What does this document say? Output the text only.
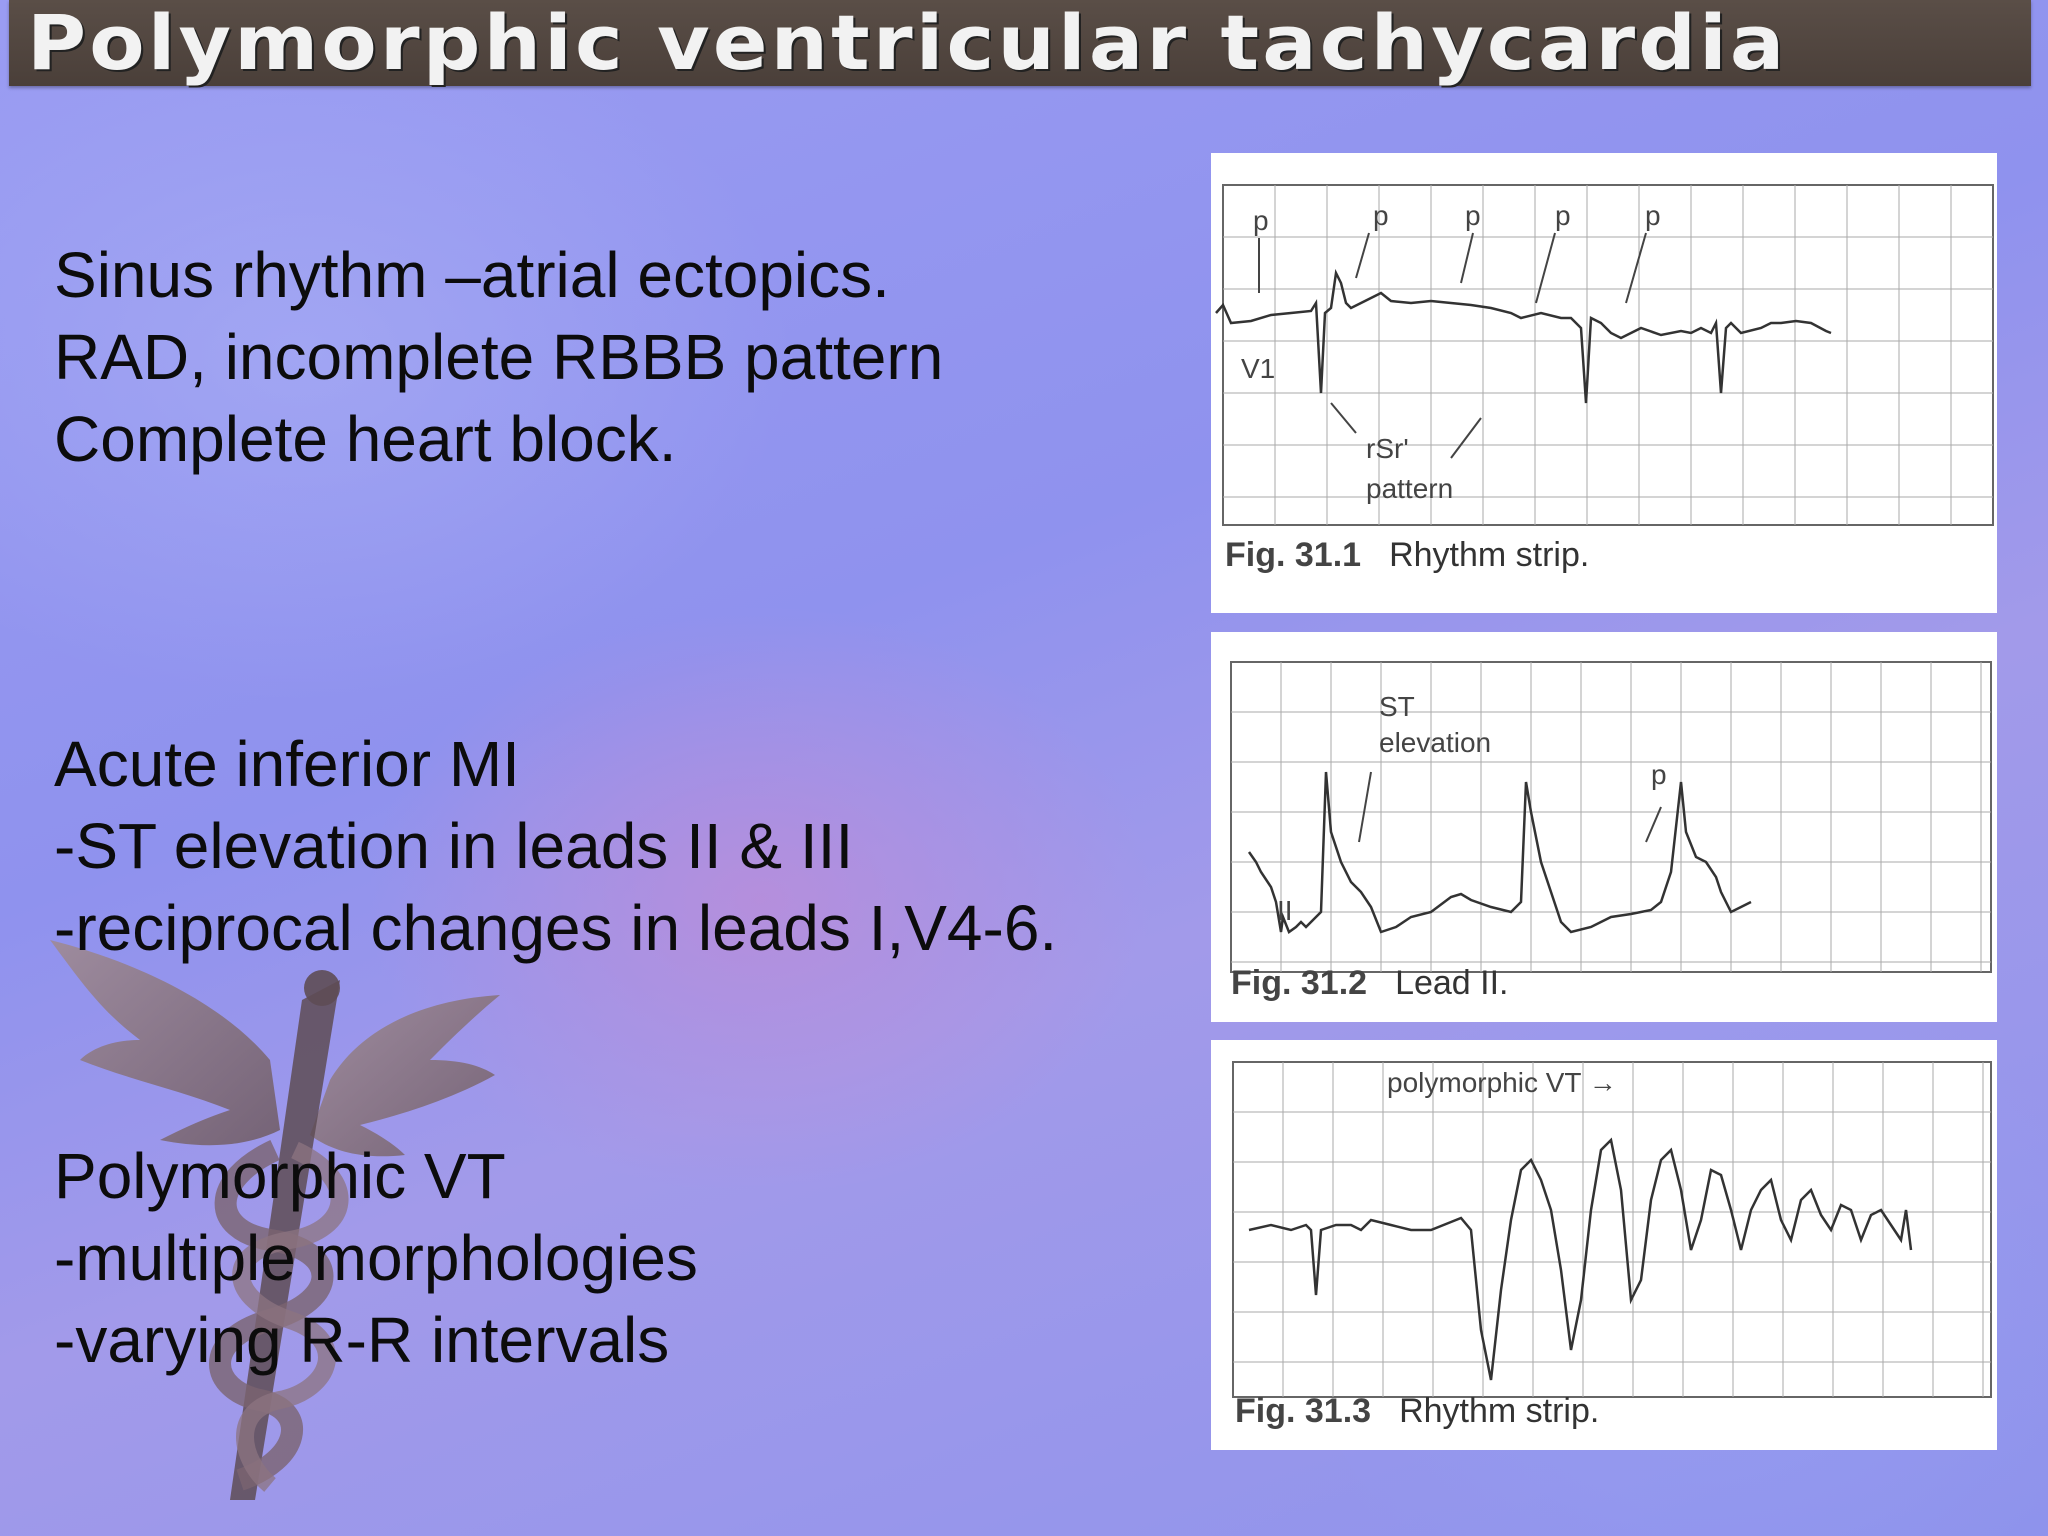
Polymorphic ventricular tachycardia
Sinus rhythm –atrial ectopics.
RAD, incomplete RBBB pattern
Complete heart block.
Acute inferior MI
-ST elevation in leads II & III
-reciprocal changes in leads I,V4-6.
Polymorphic VT
-multiple morphologies
-varying R-R intervals
p	p	p	p	p
V1
rSr'
pattern
Fig. 31.1 Rhythm strip.
ST
elevation
p
II
Fig. 31.2 Lead II.
polymorphic VT →
Fig. 31.3 Rhythm strip.
